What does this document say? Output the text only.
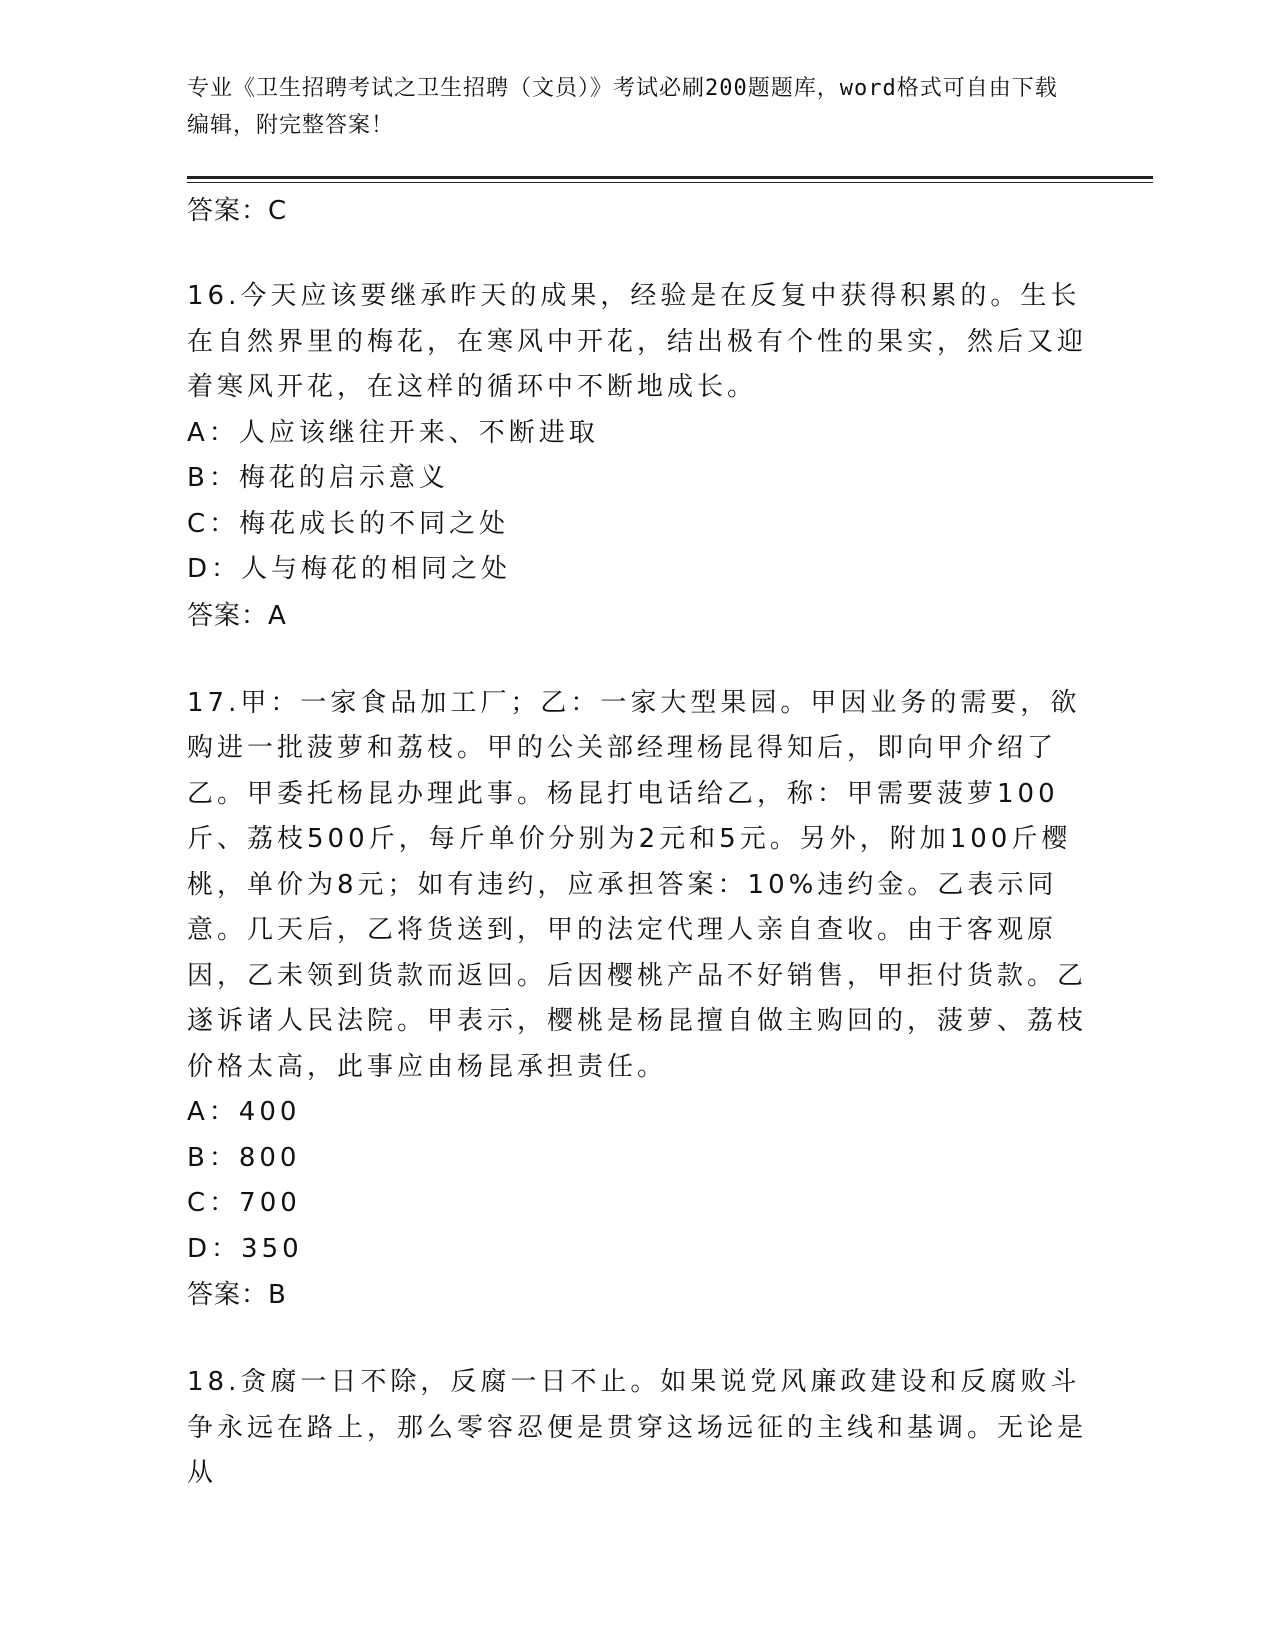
专业《卫生招聘考试之卫生招聘（文员）》考试必刷200题题库，word格式可自由下载编辑，附完整答案！

答案：C

16.今天应该要继承昨天的成果，经验是在反复中获得积累的。生长在自然界里的梅花，在寒风中开花，结出极有个性的果实，然后又迎着寒风开花，在这样的循环中不断地成长。

A：人应该继往开来、不断进取

B：梅花的启示意义

C：梅花成长的不同之处

D：人与梅花的相同之处

答案：A

17.甲：一家食品加工厂；乙：一家大型果园。甲因业务的需要，欲购进一批菠萝和荔枝。甲的公关部经理杨昆得知后，即向甲介绍了乙。甲委托杨昆办理此事。杨昆打电话给乙，称：甲需要菠萝100斤、荔枝500斤，每斤单价分别为2元和5元。另外，附加100斤樱桃，单价为8元；如有违约，应承担答案：10%违约金。乙表示同意。几天后，乙将货送到，甲的法定代理人亲自查收。由于客观原因，乙未领到货款而返回。后因樱桃产品不好销售，甲拒付货款。乙遂诉诸人民法院。甲表示，樱桃是杨昆擅自做主购回的，菠萝、荔枝价格太高，此事应由杨昆承担责任。

A：400

B：800

C：700

D：350

答案：B

18.贪腐一日不除，反腐一日不止。如果说党风廉政建设和反腐败斗争永远在路上，那么零容忍便是贯穿这场远征的主线和基调。无论是从
